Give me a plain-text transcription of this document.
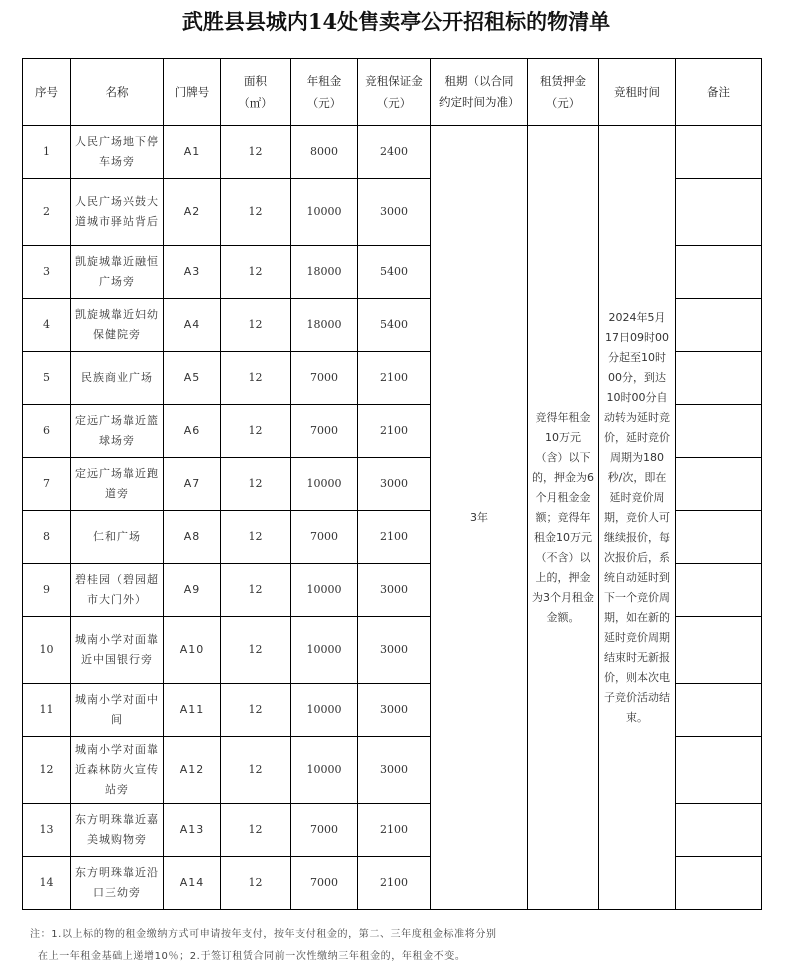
武胜县县城内14处售卖亭公开招租标的物清单
序号	名称	门牌号	面积（㎡）	年租金（元）	竞租保证金（元）	租期（以合同约定时间为准）	租赁押金（元）	竞租时间	备注
1	人民广场地下停车场旁	A1	12	8000	2400	3年	竞得年租金10万元（含）以下的，押金为6个月租金金额；竞得年租金10万元（不含）以上的，押金为3个月租金金额。	2024年5月17日09时00分起至10时00分，到达10时00分自动转为延时竞价，延时竞价周期为180秒/次，即在延时竞价周期，竞价人可继续报价，每次报价后，系统自动延时到下一个竞价周期，如在新的延时竞价周期结束时无新报价，则本次电子竞价活动结束。	
2	人民广场兴鼓大道城市驿站背后	A2	12	10000	3000				
3	凯旋城靠近融恒广场旁	A3	12	18000	5400				
4	凯旋城靠近妇幼保健院旁	A4	12	18000	5400				
5	民族商业广场	A5	12	7000	2100				
6	定远广场靠近篮球场旁	A6	12	7000	2100				
7	定远广场靠近跑道旁	A7	12	10000	3000				
8	仁和广场	A8	12	7000	2100				
9	碧桂园（碧园超市大门外）	A9	12	10000	3000				
10	城南小学对面靠近中国银行旁	A10	12	10000	3000				
11	城南小学对面中间	A11	12	10000	3000				
12	城南小学对面靠近森林防火宣传站旁	A12	12	10000	3000				
13	东方明珠靠近嘉美城购物旁	A13	12	7000	2100				
14	东方明珠靠近沿口三幼旁	A14	12	7000	2100				
注：1.以上标的物的租金缴纳方式可申请按年支付，按年支付租金的，第二、三年度租金标准将分别
在上一年租金基础上递增10％；2.于签订租赁合同前一次性缴纳三年租金的，年租金不变。
